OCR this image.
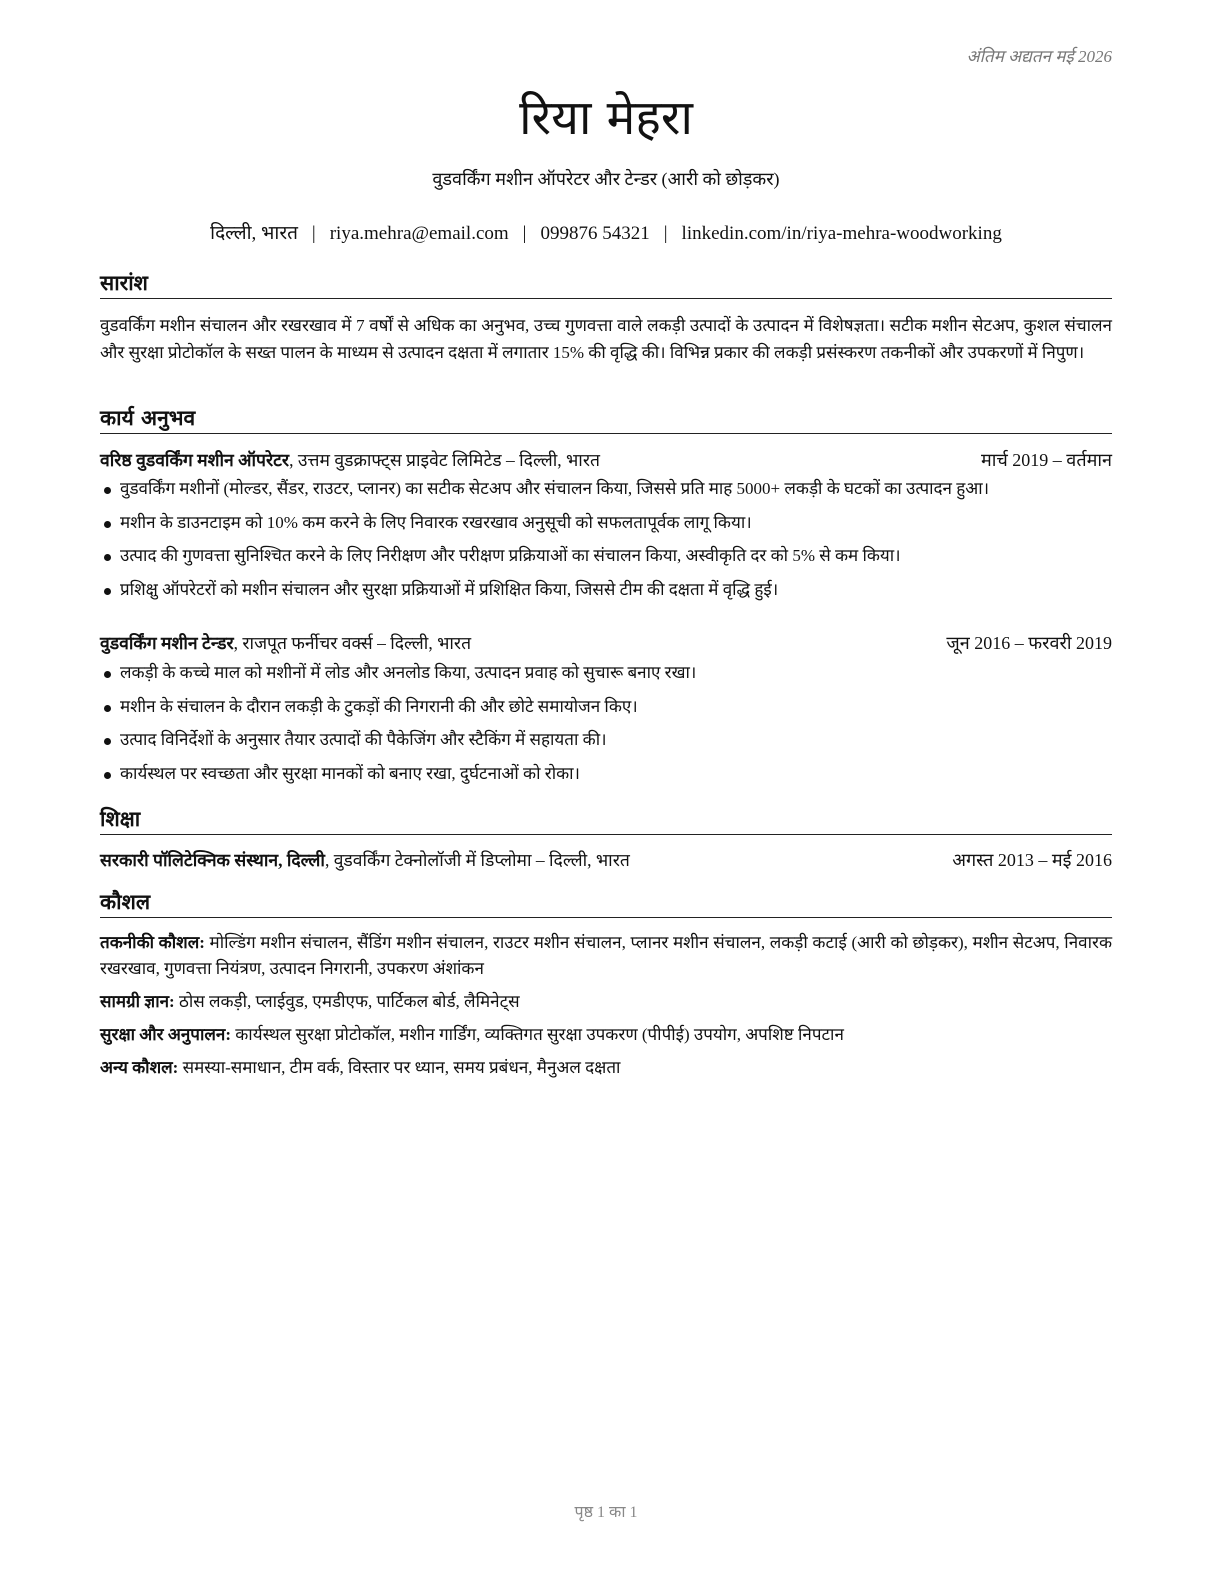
अंतिम अद्यतन मई 2026
रिया मेहरा
वुडवर्किंग मशीन ऑपरेटर और टेन्डर (आरी को छोड़कर)
दिल्ली, भारत | riya.mehra@email.com | 099876 54321 | linkedin.com/in/riya-mehra-woodworking
सारांश
वुडवर्किंग मशीन संचालन और रखरखाव में 7 वर्षों से अधिक का अनुभव, उच्च गुणवत्ता वाले लकड़ी उत्पादों के उत्पादन में विशेषज्ञता। सटीक मशीन सेटअप, कुशल संचालन और सुरक्षा प्रोटोकॉल के सख्त पालन के माध्यम से उत्पादन दक्षता में लगातार 15% की वृद्धि की। विभिन्न प्रकार की लकड़ी प्रसंस्करण तकनीकों और उपकरणों में निपुण।
कार्य अनुभव
वरिष्ठ वुडवर्किंग मशीन ऑपरेटर, उत्तम वुडक्राफ्ट्स प्राइवेट लिमिटेड – दिल्ली, भारत	मार्च 2019 – वर्तमान
वुडवर्किंग मशीनों (मोल्डर, सैंडर, राउटर, प्लानर) का सटीक सेटअप और संचालन किया, जिससे प्रति माह 5000+ लकड़ी के घटकों का उत्पादन हुआ।
मशीन के डाउनटाइम को 10% कम करने के लिए निवारक रखरखाव अनुसूची को सफलतापूर्वक लागू किया।
उत्पाद की गुणवत्ता सुनिश्चित करने के लिए निरीक्षण और परीक्षण प्रक्रियाओं का संचालन किया, अस्वीकृति दर को 5% से कम किया।
प्रशिक्षु ऑपरेटरों को मशीन संचालन और सुरक्षा प्रक्रियाओं में प्रशिक्षित किया, जिससे टीम की दक्षता में वृद्धि हुई।
वुडवर्किंग मशीन टेन्डर, राजपूत फर्नीचर वर्क्स – दिल्ली, भारत	जून 2016 – फरवरी 2019
लकड़ी के कच्चे माल को मशीनों में लोड और अनलोड किया, उत्पादन प्रवाह को सुचारू बनाए रखा।
मशीन के संचालन के दौरान लकड़ी के टुकड़ों की निगरानी की और छोटे समायोजन किए।
उत्पाद विनिर्देशों के अनुसार तैयार उत्पादों की पैकेजिंग और स्टैकिंग में सहायता की।
कार्यस्थल पर स्वच्छता और सुरक्षा मानकों को बनाए रखा, दुर्घटनाओं को रोका।
शिक्षा
सरकारी पॉलिटेक्निक संस्थान, दिल्ली, वुडवर्किंग टेक्नोलॉजी में डिप्लोमा – दिल्ली, भारत	अगस्त 2013 – मई 2016
कौशल

तकनीकी कौशल: मोल्डिंग मशीन संचालन, सैंडिंग मशीन संचालन, राउटर मशीन संचालन, प्लानर मशीन संचालन, लकड़ी कटाई (आरी को छोड़कर), मशीन सेटअप, निवारक रखरखाव, गुणवत्ता नियंत्रण, उत्पादन निगरानी, उपकरण अंशांकन

सामग्री ज्ञान: ठोस लकड़ी, प्लाईवुड, एमडीएफ, पार्टिकल बोर्ड, लैमिनेट्स

सुरक्षा और अनुपालन: कार्यस्थल सुरक्षा प्रोटोकॉल, मशीन गार्डिंग, व्यक्तिगत सुरक्षा उपकरण (पीपीई) उपयोग, अपशिष्ट निपटान

अन्य कौशल: समस्या-समाधान, टीम वर्क, विस्तार पर ध्यान, समय प्रबंधन, मैनुअल दक्षता

पृष्ठ 1 का 1
